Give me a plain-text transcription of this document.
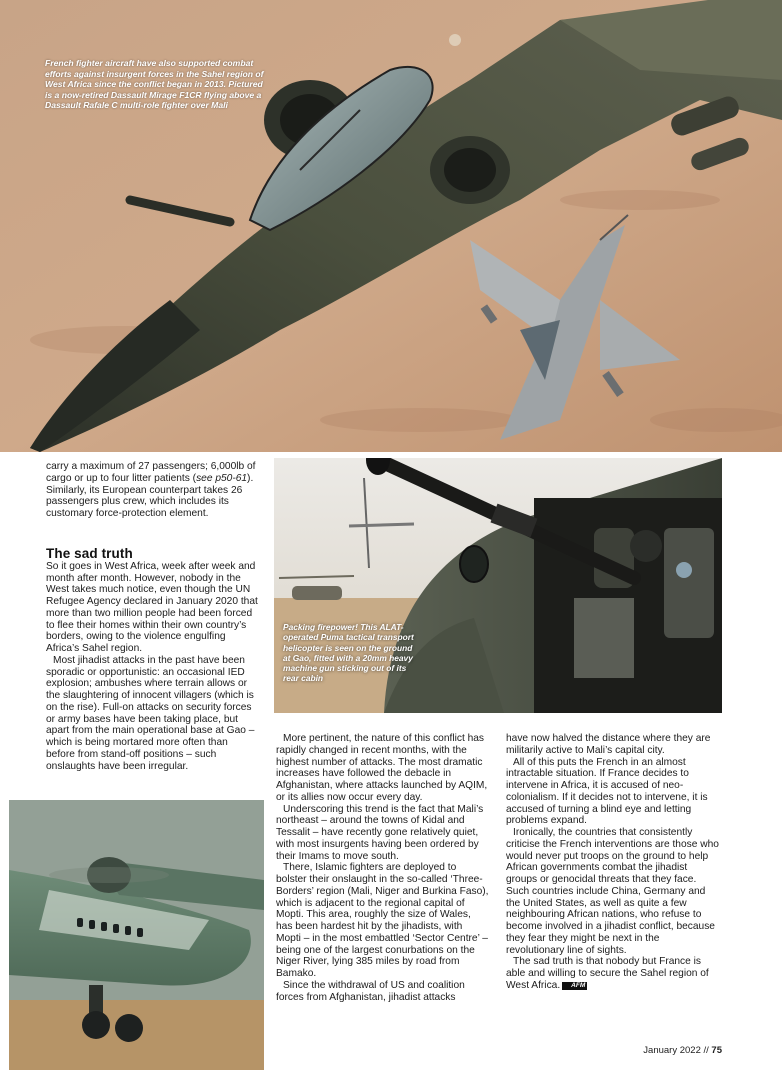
French fighter aircraft have also supported combat efforts against insurgent forces in the Sahel region of West Africa since the conflict began in 2013. Pictured is a now-retired Dassault Mirage F1CR flying above a Dassault Rafale C multi-role fighter over Mali
Packing firepower! This ALAT-operated Puma tactical transport helicopter is seen on the ground at Gao, fitted with a 20mm heavy machine gun sticking out of its rear cabin

carry a maximum of 27 passengers; 6,000lb of cargo or up to four litter patients (see p50-61). Similarly, its European counterpart takes 26 passengers plus crew, which includes its customary force-protection element.

The sad truth

So it goes in West Africa, week after week and month after month. However, nobody in the West takes much notice, even though the UN Refugee Agency declared in January 2020 that more than two million people had been forced to flee their homes within their own country’s borders, owing to the violence engulfing Africa’s Sahel region.

Most jihadist attacks in the past have been sporadic or opportunistic: an occasional IED explosion; ambushes where terrain allows or the slaughtering of innocent villagers (which is on the rise). Full-on attacks on security forces or army bases have been taking place, but apart from the main operational base at Gao – which is being mortared more often than before from stand-off positions – such onslaughts have been irregular.

More pertinent, the nature of this conflict has rapidly changed in recent months, with the highest number of attacks. The most dramatic increases have followed the debacle in Afghanistan, where attacks launched by AQIM, or its allies now occur every day.

Underscoring this trend is the fact that Mali’s northeast – around the towns of Kidal and Tessalit – have recently gone relatively quiet, with most insurgents having been ordered by their Imams to move south.

There, Islamic fighters are deployed to bolster their onslaught in the so-called ‘Three-Borders’ region (Mali, Niger and Burkina Faso), which is adjacent to the regional capital of Mopti. This area, roughly the size of Wales, has been hardest hit by the jihadists, with Mopti – in the most embattled ‘Sector Centre’ – being one of the largest conurbations on the Niger River, lying 385 miles by road from Bamako.

Since the withdrawal of US and coalition forces from Afghanistan, jihadist attacks

have now halved the distance where they are militarily active to Mali’s capital city.

All of this puts the French in an almost intractable situation. If France decides to intervene in Africa, it is accused of neo-colonialism. If it decides not to intervene, it is accused of turning a blind eye and letting problems expand.

Ironically, the countries that consistently criticise the French interventions are those who would never put troops on the ground to help African governments combat the jihadist groups or genocidal threats that they face. Such countries include China, Germany and the United States, as well as quite a few neighbouring African nations, who refuse to become involved in a jihadist conflict, because they fear they might be next in the revolutionary line of sights.

The sad truth is that nobody but France is able and willing to secure the Sahel region of West Africa. AFM

January 2022 // 75
